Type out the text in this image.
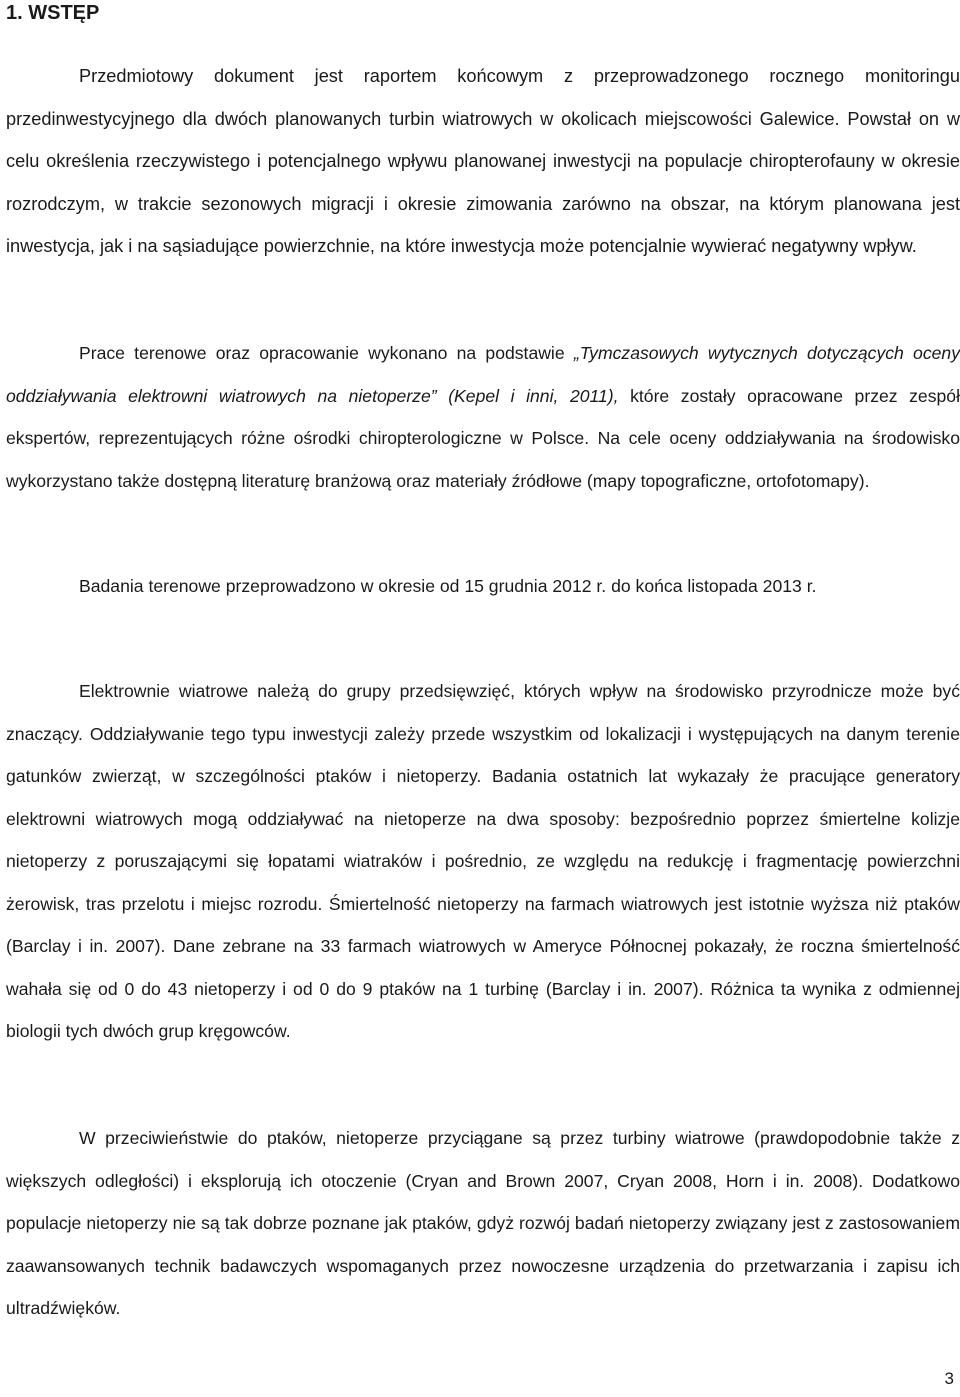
1. WSTĘP

Przedmiotowy dokument jest raportem końcowym z przeprowadzonego rocznego monitoringu przedinwestycyjnego dla dwóch planowanych turbin wiatrowych w okolicach miejscowości Galewice. Powstał on w celu określenia rzeczywistego i potencjalnego wpływu planowanej inwestycji na populacje chiropterofauny w okresie rozrodczym, w trakcie sezonowych migracji i okresie zimowania zarówno na obszar, na którym planowana jest inwestycja, jak i na sąsiadujące powierzchnie, na które inwestycja może potencjalnie wywierać negatywny wpływ.

Prace terenowe oraz opracowanie wykonano na podstawie „Tymczasowych wytycznych dotyczących oceny oddziaływania elektrowni wiatrowych na nietoperze” (Kepel i inni, 2011), które zostały opracowane przez zespół ekspertów, reprezentujących różne ośrodki chiropterologiczne w Polsce. Na cele oceny oddziaływania na środowisko wykorzystano także dostępną literaturę branżową oraz materiały źródłowe (mapy topograficzne, ortofotomapy).

Badania terenowe przeprowadzono w okresie od 15 grudnia 2012 r. do końca listopada 2013 r.

Elektrownie wiatrowe należą do grupy przedsięwzięć, których wpływ na środowisko przyrodnicze może być znaczący. Oddziaływanie tego typu inwestycji zależy przede wszystkim od lokalizacji i występujących na danym terenie gatunków zwierząt, w szczególności ptaków i nietoperzy. Badania ostatnich lat wykazały że pracujące generatory elektrowni wiatrowych mogą oddziaływać na nietoperze na dwa sposoby: bezpośrednio poprzez śmiertelne kolizje nietoperzy z poruszającymi się łopatami wiatraków i pośrednio, ze względu na redukcję i fragmentację powierzchni żerowisk, tras przelotu i miejsc rozrodu. Śmiertelność nietoperzy na farmach wiatrowych jest istotnie wyższa niż ptaków (Barclay i in. 2007). Dane zebrane na 33 farmach wiatrowych w Ameryce Północnej pokazały, że roczna śmiertelność wahała się od 0 do 43 nietoperzy i od 0 do 9 ptaków na 1 turbinę (Barclay i in. 2007). Różnica ta wynika z odmiennej biologii tych dwóch grup kręgowców.

W przeciwieństwie do ptaków, nietoperze przyciągane są przez turbiny wiatrowe (prawdopodobnie także z większych odległości) i eksplorują ich otoczenie (Cryan and Brown 2007, Cryan 2008, Horn i in. 2008). Dodatkowo populacje nietoperzy nie są tak dobrze poznane jak ptaków, gdyż rozwój badań nietoperzy związany jest z zastosowaniem zaawansowanych technik badawczych wspomaganych przez nowoczesne urządzenia do przetwarzania i zapisu ich ultradźwięków.

3
